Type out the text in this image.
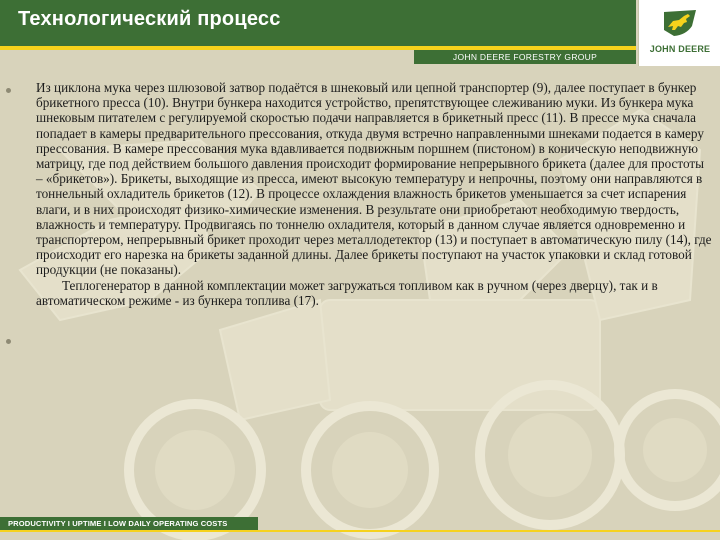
Технологический процесс
JOHN DEERE FORESTRY GROUP
JOHN DEERE

Из циклона мука через шлюзовой затвор подаётся в шнековый или цепной транспортер (9), далее поступает в бункер брикетного пресса (10). Внутри бункера находится устройство, препятствующее слеживанию муки. Из бункера мука шнековым питателем с регулируемой скоростью подачи направляется в брикетный пресс (11). В прессе мука сначала попадает в камеры предварительного прессования, откуда двумя встречно направленными шнеками подается в камеру прессования. В камере прессования мука вдавливается подвижным поршнем (пистоном) в коническую неподвижную матрицу, где под действием большого давления происходит формирование непрерывного брикета (далее для простоты – «брикетов»). Брикеты, выходящие из пресса, имеют высокую температуру и непрочны, поэтому они направляются в тоннельный охладитель брикетов (12). В процессе охлаждения влажность брикетов уменьшается за счет испарения влаги, и в них происходят физико-химические изменения. В результате они приобретают необходимую твердость, влажность и температуру. Продвигаясь по тоннелю охладителя, который в данном случае является одновременно и транспортером, непрерывный брикет проходит через металлодетектор (13) и поступает в автоматическую пилу (14), где происходит его нарезка на брикеты заданной длины. Далее брикеты поступают на участок упаковки и склад готовой продукции (не показаны).

Теплогенератор в данной комплектации может загружаться топливом как в ручном (через дверцу), так и в автоматическом режиме - из бункера топлива (17).

PRODUCTIVITY I UPTIME I LOW DAILY OPERATING COSTS
